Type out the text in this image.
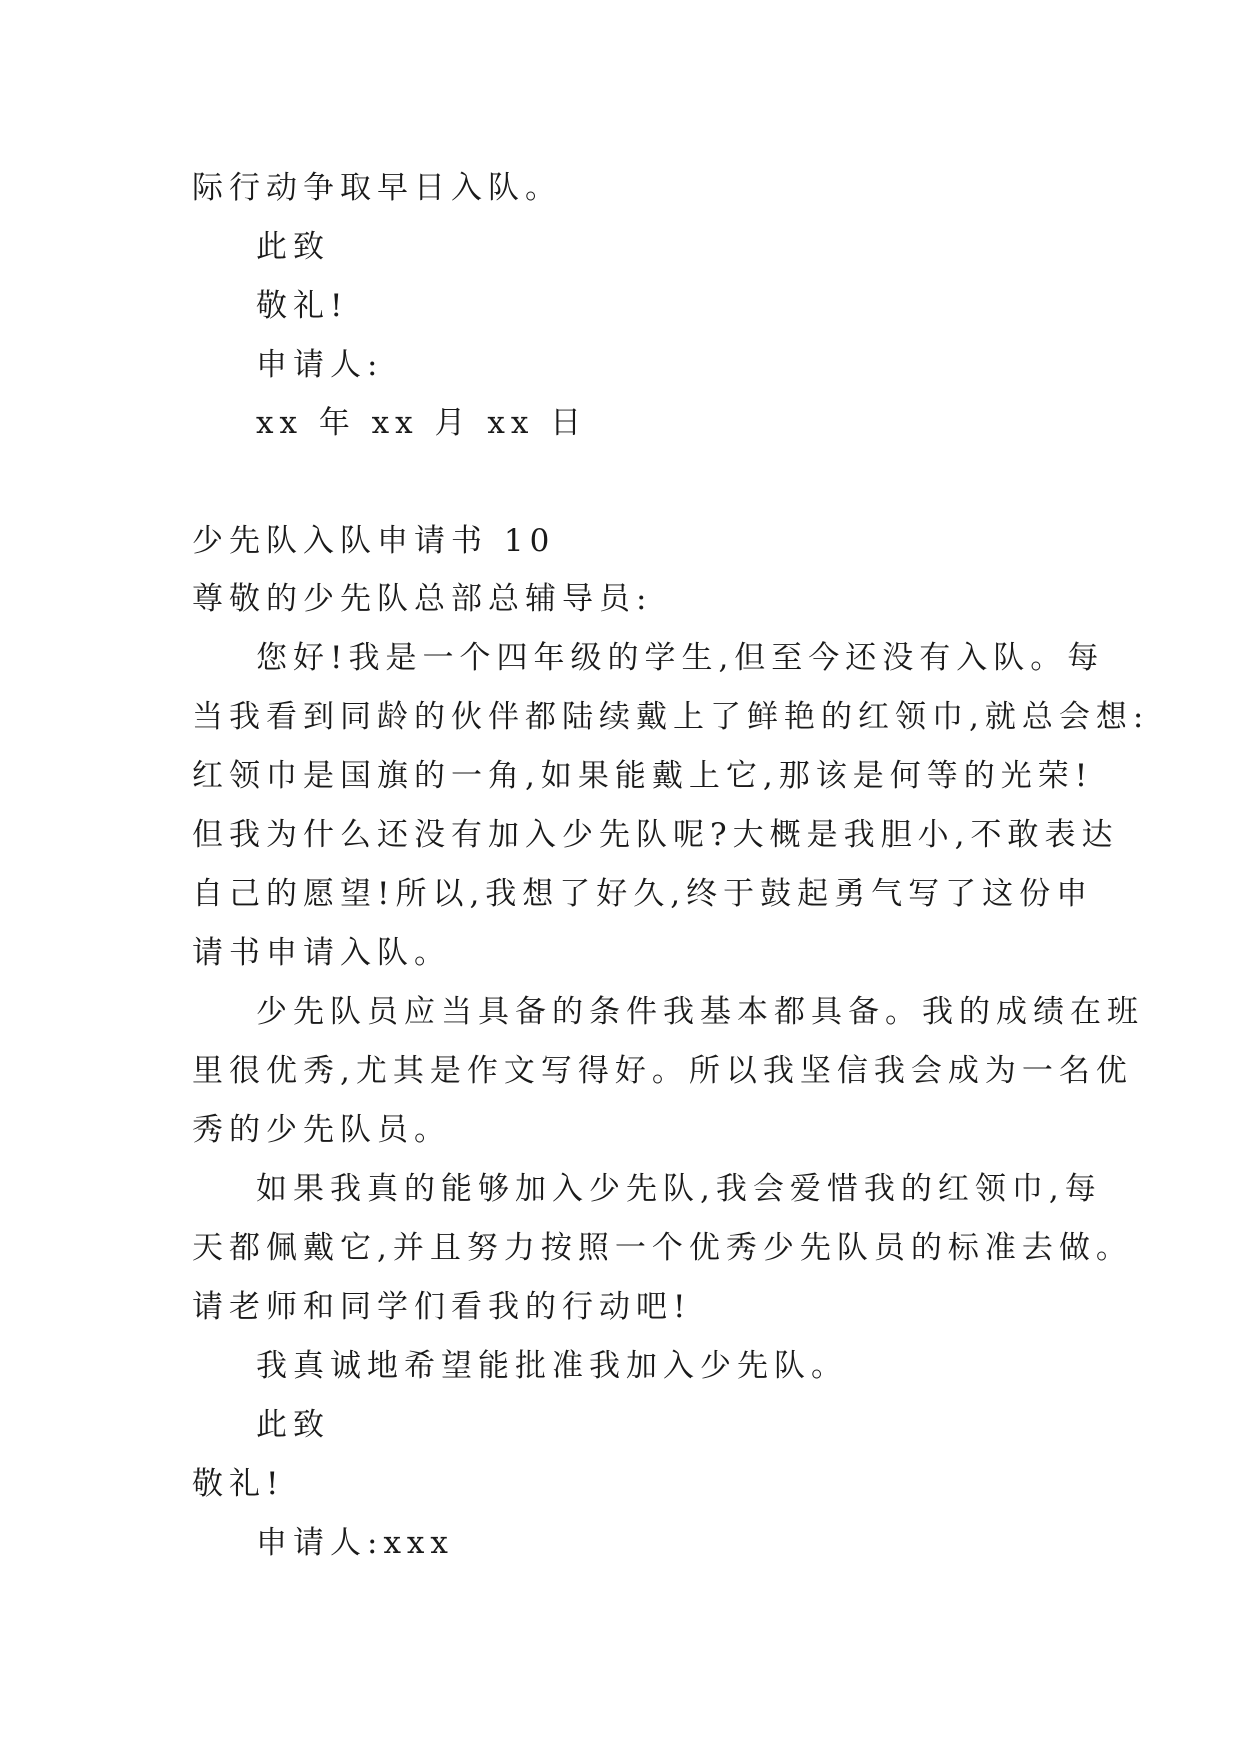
际行动争取早日入队。
此致
敬礼!
申请人:
xx 年 xx 月 xx 日
少先队入队申请书 10
尊敬的少先队总部总辅导员:
您好!我是一个四年级的学生,但至今还没有入队。每
当我看到同龄的伙伴都陆续戴上了鲜艳的红领巾,就总会想:
红领巾是国旗的一角,如果能戴上它,那该是何等的光荣!
但我为什么还没有加入少先队呢?大概是我胆小,不敢表达
自己的愿望!所以,我想了好久,终于鼓起勇气写了这份申
请书申请入队。
少先队员应当具备的条件我基本都具备。我的成绩在班
里很优秀,尤其是作文写得好。所以我坚信我会成为一名优
秀的少先队员。
如果我真的能够加入少先队,我会爱惜我的红领巾,每
天都佩戴它,并且努力按照一个优秀少先队员的标准去做。
请老师和同学们看我的行动吧!
我真诚地希望能批准我加入少先队。
此致
敬礼!
申请人:xxx
